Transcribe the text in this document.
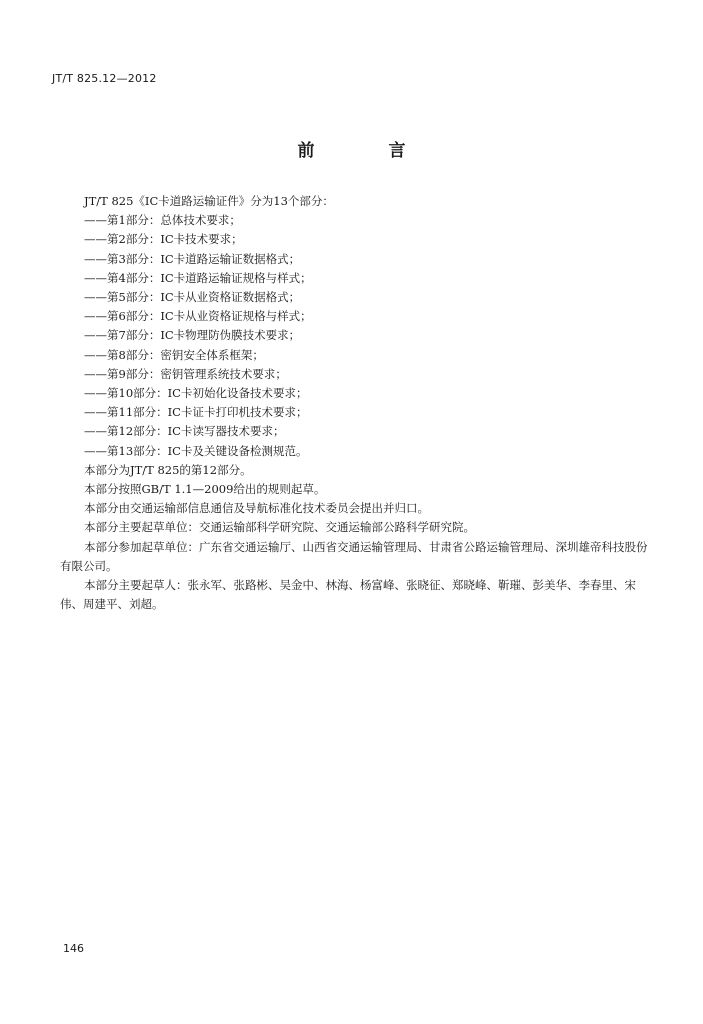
JT/T 825.12—2012
前 言
JT/T 825《IC卡道路运输证件》分为13个部分：
——第1部分：总体技术要求；
——第2部分：IC卡技术要求；
——第3部分：IC卡道路运输证数据格式；
——第4部分：IC卡道路运输证规格与样式；
——第5部分：IC卡从业资格证数据格式；
——第6部分：IC卡从业资格证规格与样式；
——第7部分：IC卡物理防伪膜技术要求；
——第8部分：密钥安全体系框架；
——第9部分：密钥管理系统技术要求；
——第10部分：IC卡初始化设备技术要求；
——第11部分：IC卡证卡打印机技术要求；
——第12部分：IC卡读写器技术要求；
——第13部分：IC卡及关键设备检测规范。
本部分为JT/T 825的第12部分。
本部分按照GB/T 1.1—2009给出的规则起草。
本部分由交通运输部信息通信及导航标准化技术委员会提出并归口。
本部分主要起草单位：交通运输部科学研究院、交通运输部公路科学研究院。
本部分参加起草单位：广东省交通运输厅、山西省交通运输管理局、甘肃省公路运输管理局、深圳雄帝科技股份有限公司。
本部分主要起草人：张永军、张路彬、吴金中、林海、杨富峰、张晓征、郑晓峰、靳璀、彭美华、李春里、宋伟、周建平、刘超。
146
